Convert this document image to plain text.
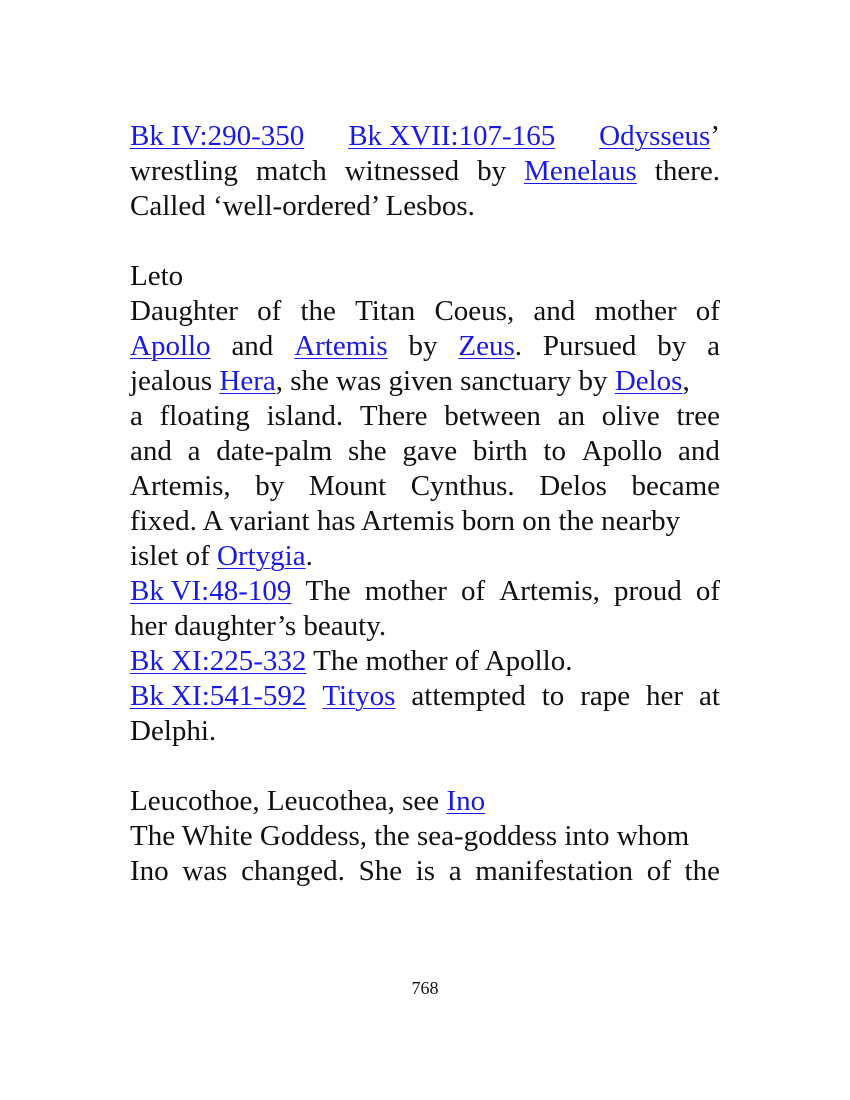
Bk IV:290-350 Bk XVII:107-165 Odysseus’
wrestling match witnessed by Menelaus there.
Called ‘well-ordered’ Lesbos.
Leto
Daughter of the Titan Coeus, and mother of
Apollo and Artemis by Zeus. Pursued by a
jealous Hera, she was given sanctuary by Delos,
a floating island. There between an olive tree
and a date-palm she gave birth to Apollo and
Artemis, by Mount Cynthus. Delos became
fixed. A variant has Artemis born on the nearby
islet of Ortygia.
Bk VI:48-109 The mother of Artemis, proud of
her daughter’s beauty.
Bk XI:225-332 The mother of Apollo.
Bk XI:541-592 Tityos attempted to rape her at
Delphi.
Leucothoe, Leucothea, see Ino
The White Goddess, the sea-goddess into whom
Ino was changed. She is a manifestation of the
768
